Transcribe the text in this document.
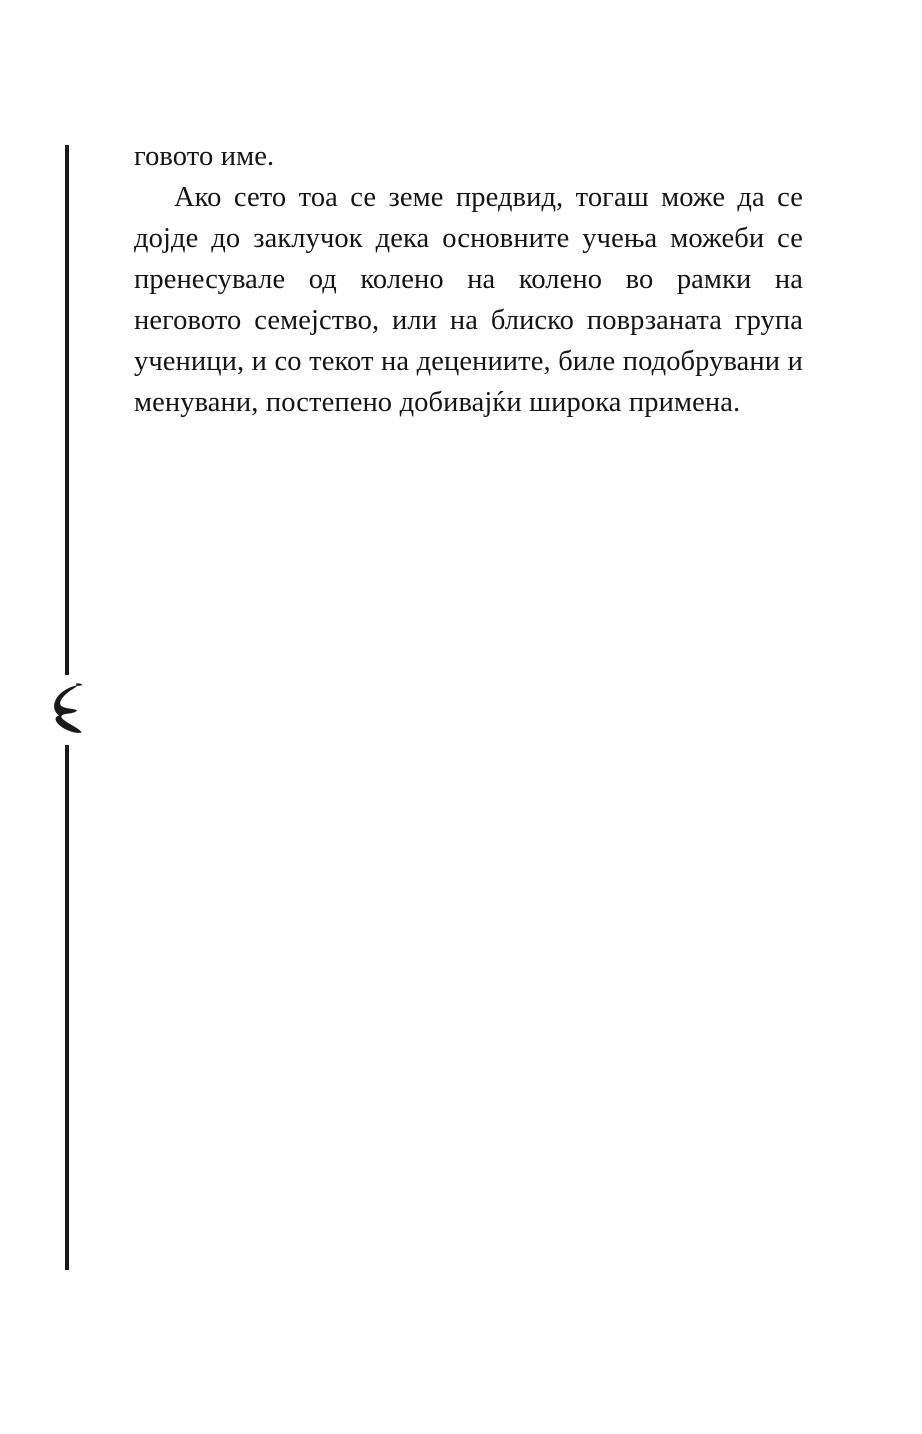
говото име.

Ако сето тоа се земе предвид, тогаш може да се дојде до заклучок дека основните учења можеби се пренесувале од колено на колено во рамки на неговото семејство, или на блиско поврзаната група ученици, и со текот на децениите, биле подобрувани и менувани, постепено добивајќи широка примена.
